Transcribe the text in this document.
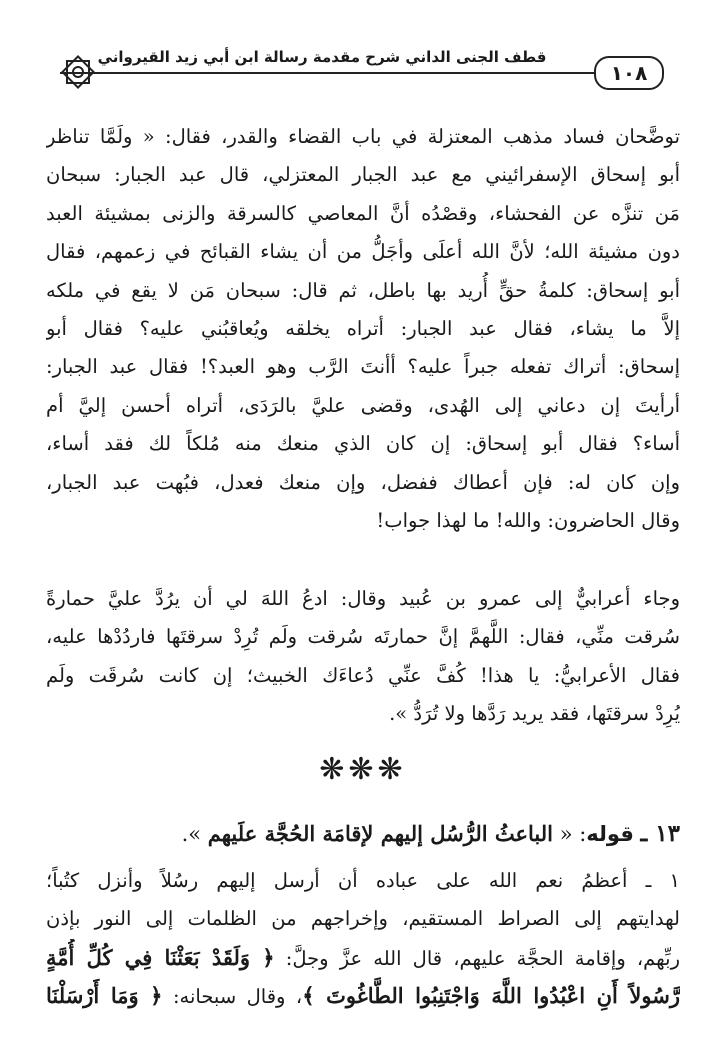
قطف الجنى الداني شرح مقدمة رسالة ابن أبي زيد القيرواني
١٠٨
توضَّحان فساد مذهب المعتزلة في باب القضاء والقدر، فقال: « ولَمَّا تناظر
أبو إسحاق الإسفرائيني مع عبد الجبار المعتزلي، قال عبد الجبار: سبحان
مَن تنزَّه عن الفحشاء، وقصْدُه أنَّ المعاصي كالسرقة والزنى بمشيئة العبد
دون مشيئة الله؛ لأنَّ الله أعلَى وأجَلُّ من أن يشاء القبائح في زعمهم، فقال
أبو إسحاق: كلمةُ حقٍّ أُريد بها باطل، ثم قال: سبحان مَن لا يقع في ملكه
إلاَّ ما يشاء، فقال عبد الجبار: أتراه يخلقه ويُعاقبُني عليه؟ فقال أبو
إسحاق: أتراك تفعله جبراً عليه؟ أأنتَ الرَّب وهو العبد؟! فقال عبد الجبار:
أرأيتَ إن دعاني إلى الهُدى، وقضى عليَّ بالرَدَى، أتراه أحسن إليَّ أم
أساء؟ فقال أبو إسحاق: إن كان الذي منعك منه مُلكاً لك فقد أساء،
وإن كان له: فإن أعطاك ففضل، وإن منعك فعدل، فبُهت عبد الجبار،
وقال الحاضرون: والله! ما لهذا جواب!
وجاء أعرابيٌّ إلى عمرو بن عُبيد وقال: ادعُ اللهَ لي أن يرُدَّ عليَّ حمارةً
سُرقت منِّي، فقال: اللَّهمَّ إنَّ حمارتَه سُرقت ولَم تُرِدْ سرقتَها فاردُدْها عليه،
فقال الأعرابيُّ: يا هذا! كُفَّ عنِّي دُعاءَك الخبيث؛ إن كانت سُرقَت ولَم
يُرِدْ سرقتَها، فقد يريد رَدَّها ولا تُرَدُّ ».
❋❋❋
١٣ ـ قوله: « الباعثُ الرُّسُل إليهم لإقامَة الحُجَّة علَيهم ».
١ ـ أعظمُ نعم الله على عباده أن أرسل إليهم رسُلاً وأنزل كتُباً؛
لهدايتهم إلى الصراط المستقيم، وإخراجهم من الظلمات إلى النور بإذن
ربِّهم، وإقامة الحجَّة عليهم، قال الله عزَّ وجلَّ: ﴿ وَلَقَدْ بَعَثْنَا فِي كُلِّ أُمَّةٍ
رَّسُولاً أَنِ اعْبُدُوا اللَّهَ وَاجْتَنِبُوا الطَّاغُوتَ ﴾، وقال سبحانه: ﴿ وَمَا أَرْسَلْنَا
